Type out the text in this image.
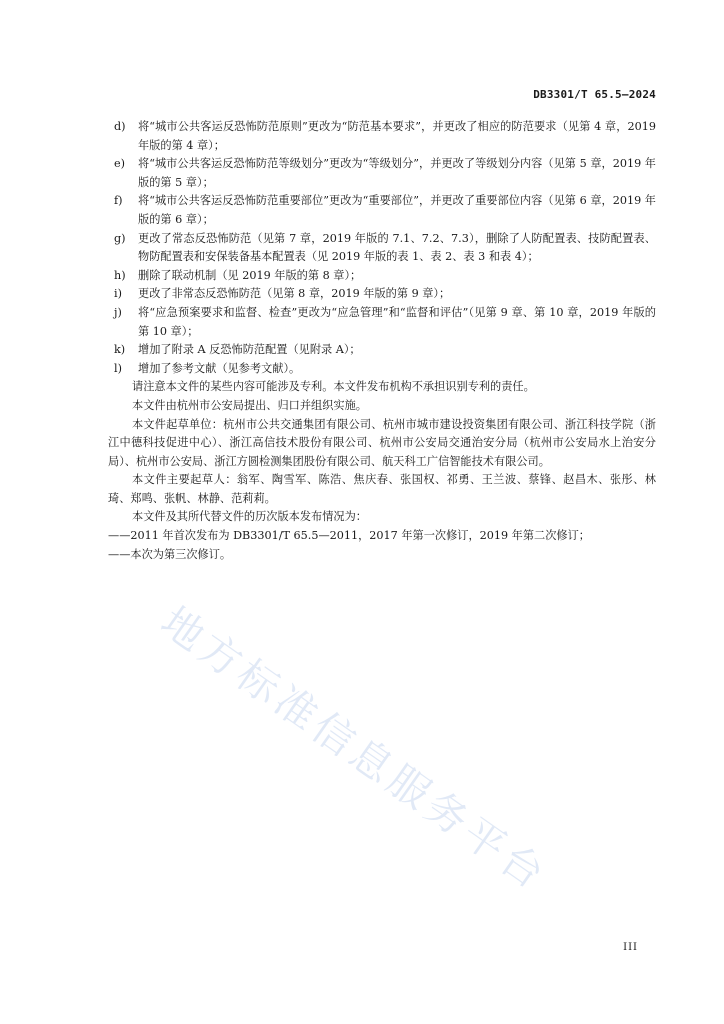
DB3301/T 65.5—2024
d)	将“城市公共客运反恐怖防范原则”更改为“防范基本要求”，并更改了相应的防范要求（见第 4 章，2019 年版的第 4 章）；
e)	将“城市公共客运反恐怖防范等级划分”更改为“等级划分”，并更改了等级划分内容（见第 5 章，2019 年版的第 5 章）；
f)	将“城市公共客运反恐怖防范重要部位”更改为“重要部位”，并更改了重要部位内容（见第 6 章，2019 年版的第 6 章）；
g)	更改了常态反恐怖防范（见第 7 章，2019 年版的 7.1、7.2、7.3），删除了人防配置表、技防配置表、物防配置表和安保装备基本配置表（见 2019 年版的表 1、表 2、表 3 和表 4）；
h)	删除了联动机制（见 2019 年版的第 8 章）；
i)	更改了非常态反恐怖防范（见第 8 章，2019 年版的第 9 章）；
j)	将“应急预案要求和监督、检查”更改为“应急管理”和“监督和评估”（见第 9 章、第 10 章，2019 年版的第 10 章）；
k)	增加了附录 A 反恐怖防范配置（见附录 A）；
l)	增加了参考文献（见参考文献）。
请注意本文件的某些内容可能涉及专利。本文件发布机构不承担识别专利的责任。
本文件由杭州市公安局提出、归口并组织实施。
本文件起草单位：杭州市公共交通集团有限公司、杭州市城市建设投资集团有限公司、浙江科技学院（浙江中德科技促进中心）、浙江高信技术股份有限公司、杭州市公安局交通治安分局（杭州市公安局水上治安分局）、杭州市公安局、浙江方圆检测集团股份有限公司、航天科工广信智能技术有限公司。
本文件主要起草人：翁军、陶雪军、陈浩、焦庆春、张国权、祁勇、王兰波、蔡锋、赵昌木、张彤、林琦、郑鸣、张帆、林静、范莉莉。
本文件及其所代替文件的历次版本发布情况为：
——2011 年首次发布为 DB3301/T 65.5—2011，2017 年第一次修订，2019 年第二次修订；
——本次为第三次修订。
地方标准信息服务平台
III
